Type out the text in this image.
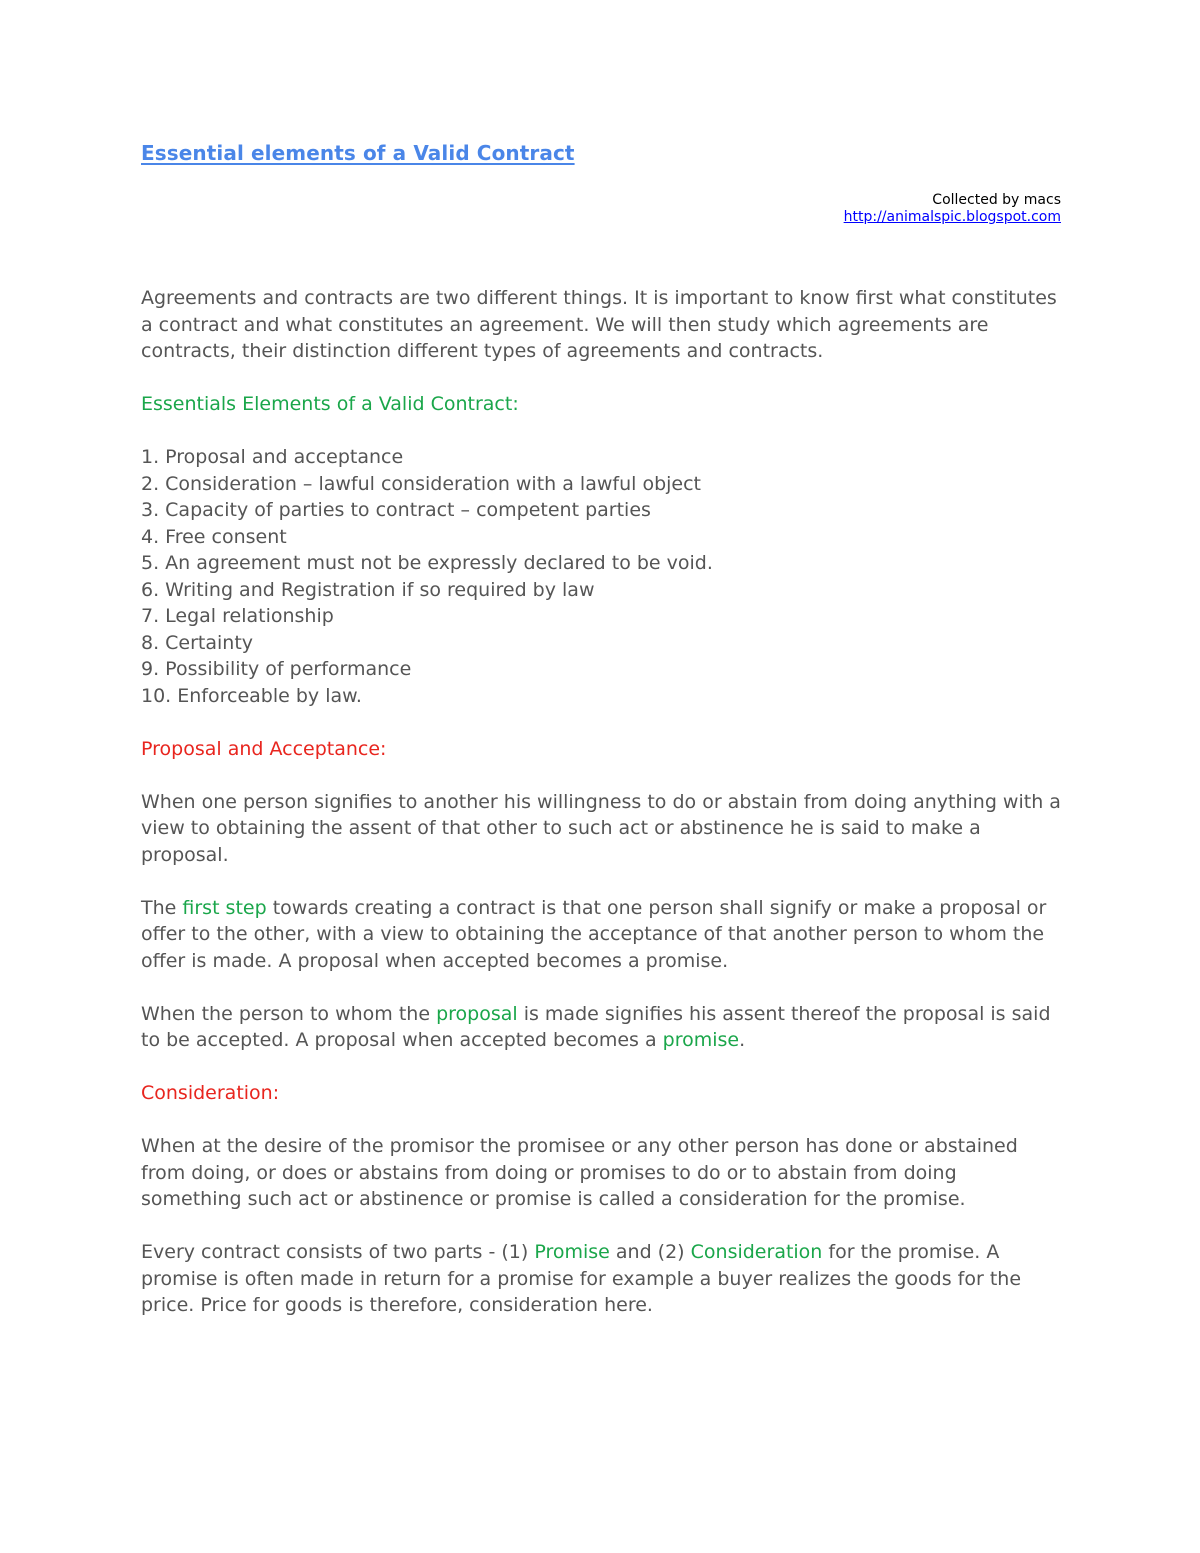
Essential elements of a Valid Contract
Collected by macs
http://animalspic.blogspot.com

Agreements and contracts are two different things. It is important to know first what constitutes a contract and what constitutes an agreement. We will then study which agreements are contracts, their distinction different types of agreements and contracts.

Essentials Elements of a Valid Contract:

1. Proposal and acceptance
2. Consideration – lawful consideration with a lawful object
3. Capacity of parties to contract – competent parties
4. Free consent
5. An agreement must not be expressly declared to be void.
6. Writing and Registration if so required by law
7. Legal relationship
8. Certainty
9. Possibility of performance
10. Enforceable by law.

Proposal and Acceptance:

When one person signifies to another his willingness to do or abstain from doing anything with a view to obtaining the assent of that other to such act or abstinence he is said to make a proposal.

The first step towards creating a contract is that one person shall signify or make a proposal or offer to the other, with a view to obtaining the acceptance of that another person to whom the offer is made. A proposal when accepted becomes a promise.

When the person to whom the proposal is made signifies his assent thereof the proposal is said to be accepted. A proposal when accepted becomes a promise.

Consideration:

When at the desire of the promisor the promisee or any other person has done or abstained from doing, or does or abstains from doing or promises to do or to abstain from doing something such act or abstinence or promise is called a consideration for the promise.

Every contract consists of two parts - (1) Promise and (2) Consideration for the promise. A promise is often made in return for a promise for example a buyer realizes the goods for the price. Price for goods is therefore, consideration here.
